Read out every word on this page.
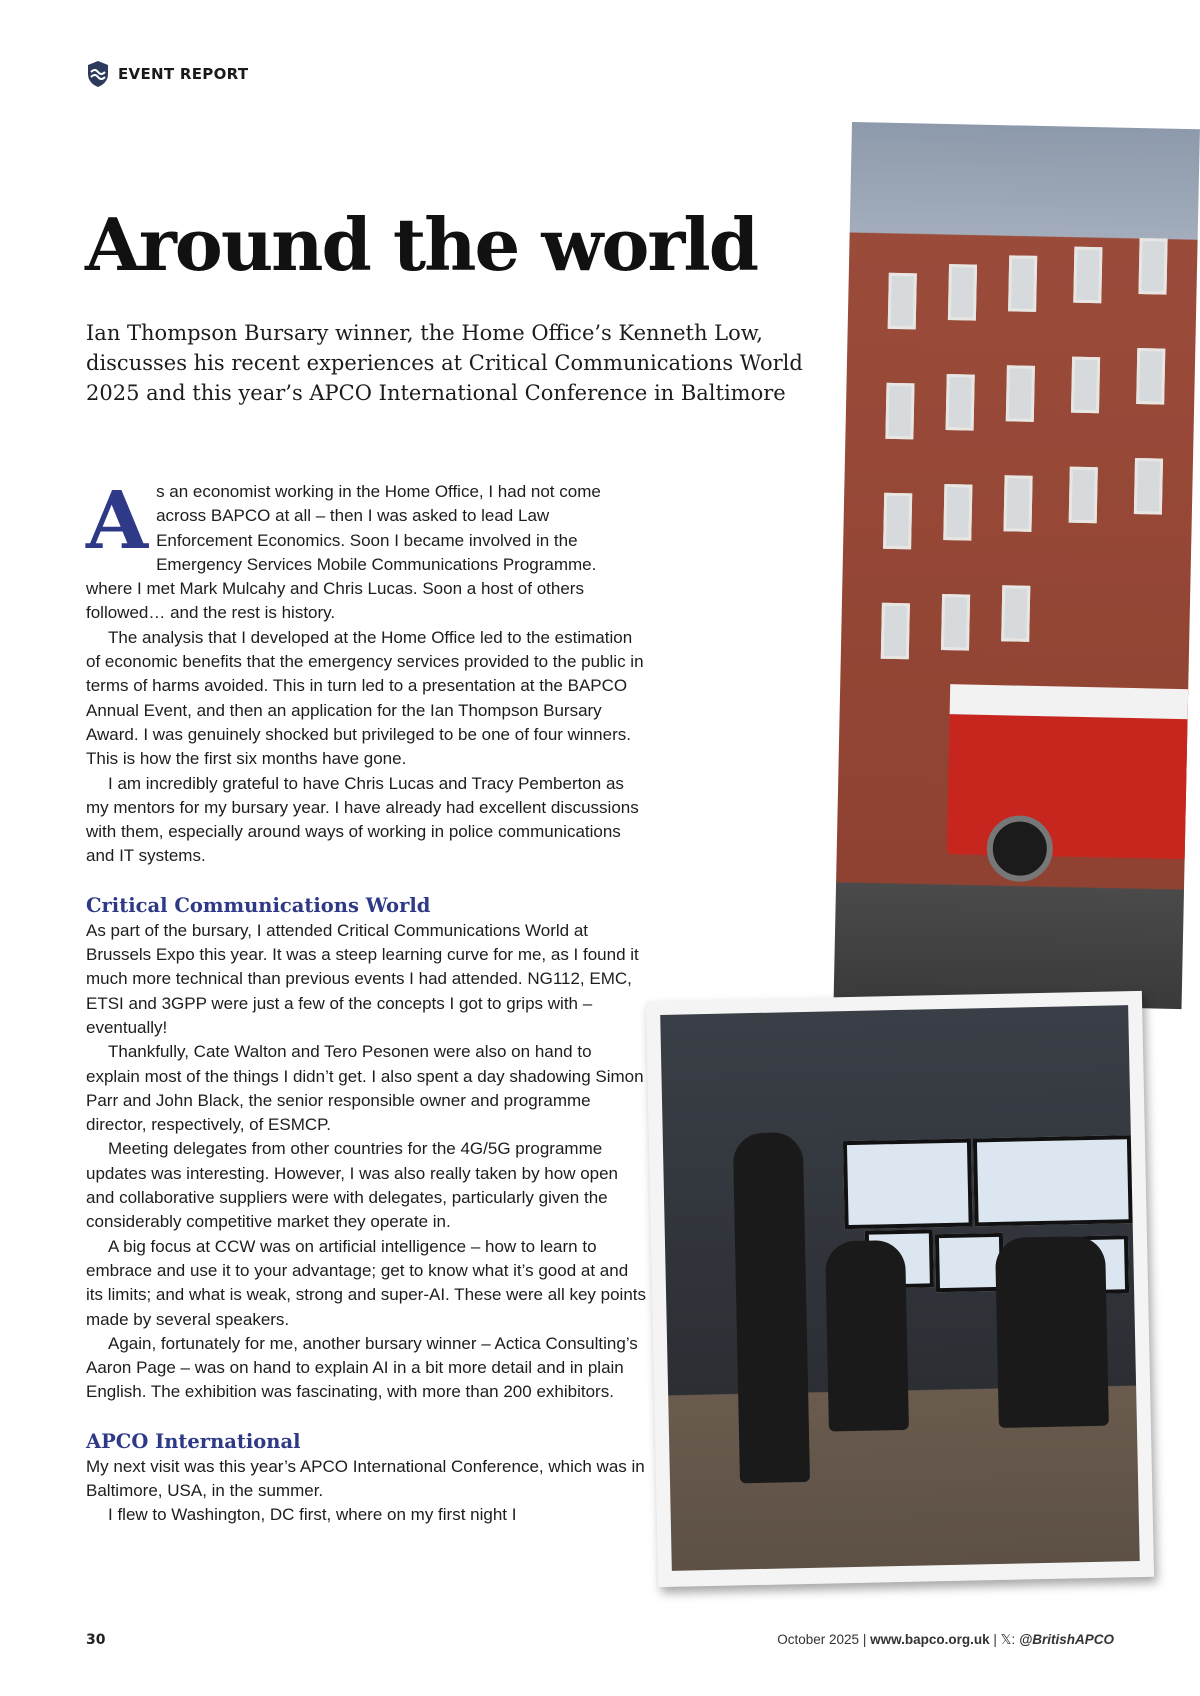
EVENT REPORT
Around the world

Ian Thompson Bursary winner, the Home Office’s Kenneth Low, discusses his recent experiences at Critical Communications World 2025 and this year’s APCO International Conference in Baltimore

As an economist working in the Home Office, I had not come across BAPCO at all – then I was asked to lead Law Enforcement Economics. Soon I became involved in the Emergency Services Mobile Communications Programme. where I met Mark Mulcahy and Chris Lucas. Soon a host of others followed… and the rest is history.

The analysis that I developed at the Home Office led to the estimation of economic benefits that the emergency services provided to the public in terms of harms avoided. This in turn led to a presentation at the BAPCO Annual Event, and then an application for the Ian Thompson Bursary Award. I was genuinely shocked but privileged to be one of four winners. This is how the first six months have gone.

I am incredibly grateful to have Chris Lucas and Tracy Pemberton as my mentors for my bursary year. I have already had excellent discussions with them, especially around ways of working in police communications and IT systems.

Critical Communications World

As part of the bursary, I attended Critical Communications World at Brussels Expo this year. It was a steep learning curve for me, as I found it much more technical than previous events I had attended. NG112, EMC, ETSI and 3GPP were just a few of the concepts I got to grips with – eventually!

Thankfully, Cate Walton and Tero Pesonen were also on hand to explain most of the things I didn’t get. I also spent a day shadowing Simon Parr and John Black, the senior responsible owner and programme director, respectively, of ESMCP.

Meeting delegates from other countries for the 4G/5G programme updates was interesting. However, I was also really taken by how open and collaborative suppliers were with delegates, particularly given the considerably competitive market they operate in.

A big focus at CCW was on artificial intelligence – how to learn to embrace and use it to your advantage; get to know what it’s good at and its limits; and what is weak, strong and super-AI. These were all key points made by several speakers.

Again, fortunately for me, another bursary winner – Actica Consulting’s Aaron Page – was on hand to explain AI in a bit more detail and in plain English. The exhibition was fascinating, with more than 200 exhibitors.

APCO International

My next visit was this year’s APCO International Conference, which was in Baltimore, USA, in the summer.

I flew to Washington, DC first, where on my first night I

30	October 2025 | www.bapco.org.uk | 𝕏: @BritishAPCO
